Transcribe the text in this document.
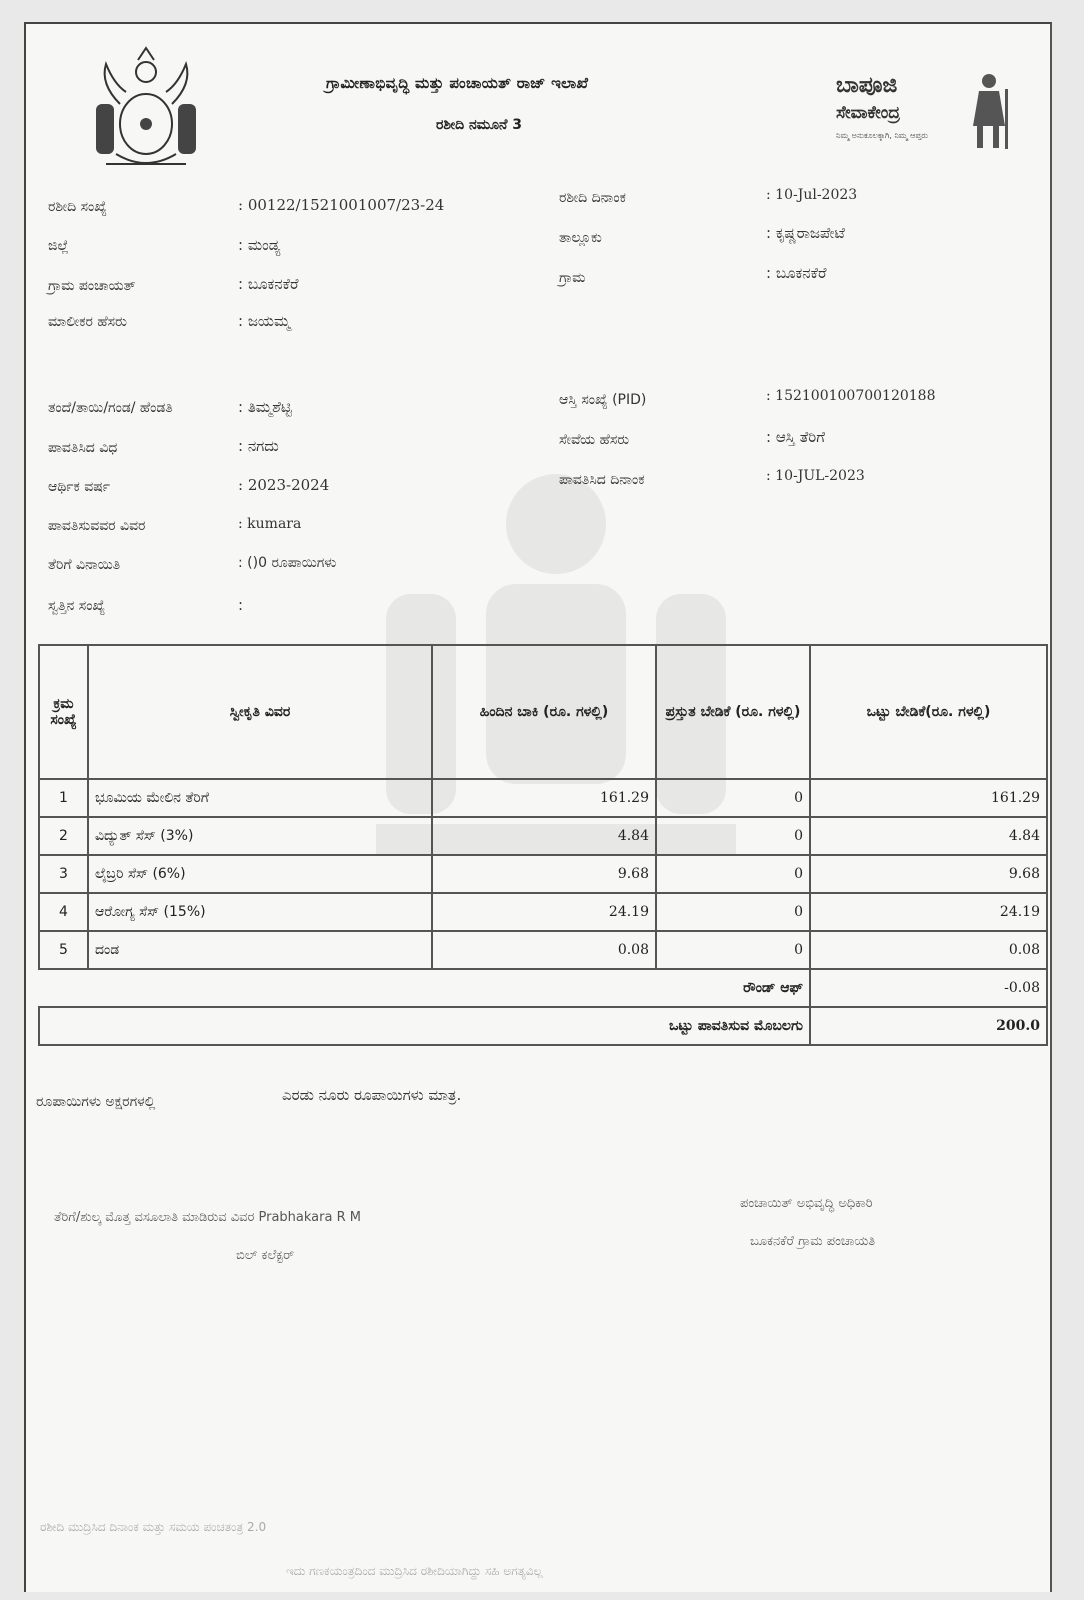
ಗ್ರಾಮೀಣಾಭಿವೃದ್ಧಿ ಮತ್ತು ಪಂಚಾಯತ್ ರಾಜ್ ಇಲಾಖೆ
ರಶೀದಿ ನಮೂನೆ 3
ಬಾಪೂಜಿ
ಸೇವಾಕೇಂದ್ರ
ನಿಮ್ಮ ಅನುಕೂಲಕ್ಕಾಗಿ, ನಿಮ್ಮ ಆಪ್ತರು
ರಶೀದಿ ಸಂಖ್ಯೆ	: 00122/1521001007/23-24
ಜಿಲ್ಲೆ	: ಮಂಡ್ಯ
ಗ್ರಾಮ ಪಂಚಾಯತ್	: ಬೂಕನಕೆರೆ
ಮಾಲೀಕರ ಹೆಸರು	: ಜಯಮ್ಮ
ತಂದೆ/ತಾಯಿ/ಗಂಡ/ ಹೆಂಡತಿ	: ತಿಮ್ಮಶೆಟ್ಟಿ
ಪಾವತಿಸಿದ ವಿಧ	: ನಗದು
ಆರ್ಥಿಕ ವರ್ಷ	: 2023-2024
ಪಾವತಿಸುವವರ ವಿವರ	: kumara
ತೆರಿಗೆ ವಿನಾಯಿತಿ	: ()0 ರೂಪಾಯಿಗಳು
ಸ್ವತ್ತಿನ ಸಂಖ್ಯೆ	:
ರಶೀದಿ ದಿನಾಂಕ	: 10-Jul-2023
ತಾಲ್ಲೂಕು	: ಕೃಷ್ಣರಾಜಪೇಟೆ
ಗ್ರಾಮ	: ಬೂಕನಕೆರೆ
ಆಸ್ತಿ ಸಂಖ್ಯೆ (PID)	: 152100100700120188
ಸೇವೆಯ ಹೆಸರು	: ಆಸ್ತಿ ತೆರಿಗೆ
ಪಾವತಿಸಿದ ದಿನಾಂಕ	: 10-JUL-2023
ಕ್ರಮ ಸಂಖ್ಯೆ	ಸ್ವೀಕೃತಿ ವಿವರ	ಹಿಂದಿನ ಬಾಕಿ (ರೂ. ಗಳಲ್ಲಿ)	ಪ್ರಸ್ತುತ ಬೇಡಿಕೆ (ರೂ. ಗಳಲ್ಲಿ)	ಒಟ್ಟು ಬೇಡಿಕೆ(ರೂ. ಗಳಲ್ಲಿ)
1	ಭೂಮಿಯ ಮೇಲಿನ ತೆರಿಗೆ	161.29	0	161.29
2	ವಿದ್ಯುತ್ ಸೆಸ್ (3%)	4.84	0	4.84
3	ಲೈಬ್ರರಿ ಸೆಸ್ (6%)	9.68	0	9.68
4	ಆರೋಗ್ಯ ಸೆಸ್ (15%)	24.19	0	24.19
5	ದಂಡ	0.08	0	0.08
ರೌಂಡ್ ಆಫ್				-0.08
ಒಟ್ಟು ಪಾವತಿಸುವ ಮೊಬಲಗು				200.0
ರೂಪಾಯಿಗಳು ಅಕ್ಷರಗಳಲ್ಲಿ	ಎರಡು ನೂರು ರೂಪಾಯಿಗಳು ಮಾತ್ರ.
ತೆರಿಗೆ/ಶುಲ್ಕ ಮೊತ್ತ ವಸೂಲಾತಿ ಮಾಡಿರುವ ವಿವರ Prabhakara R M
ಬಿಲ್ ಕಲೆಕ್ಟರ್
ಪಂಚಾಯಿತ್ ಅಭಿವೃದ್ಧಿ ಅಧಿಕಾರಿ
ಬೂಕನಕೆರೆ ಗ್ರಾಮ ಪಂಚಾಯತಿ
ರಶೀದಿ ಮುದ್ರಿಸಿದ ದಿನಾಂಕ ಮತ್ತು ಸಮಯ ಪಂಚತಂತ್ರ 2.0
ಇದು ಗಣಕಯಂತ್ರದಿಂದ ಮುದ್ರಿಸಿದ ರಶೀದಿಯಾಗಿದ್ದು ಸಹಿ ಅಗತ್ಯವಿಲ್ಲ
